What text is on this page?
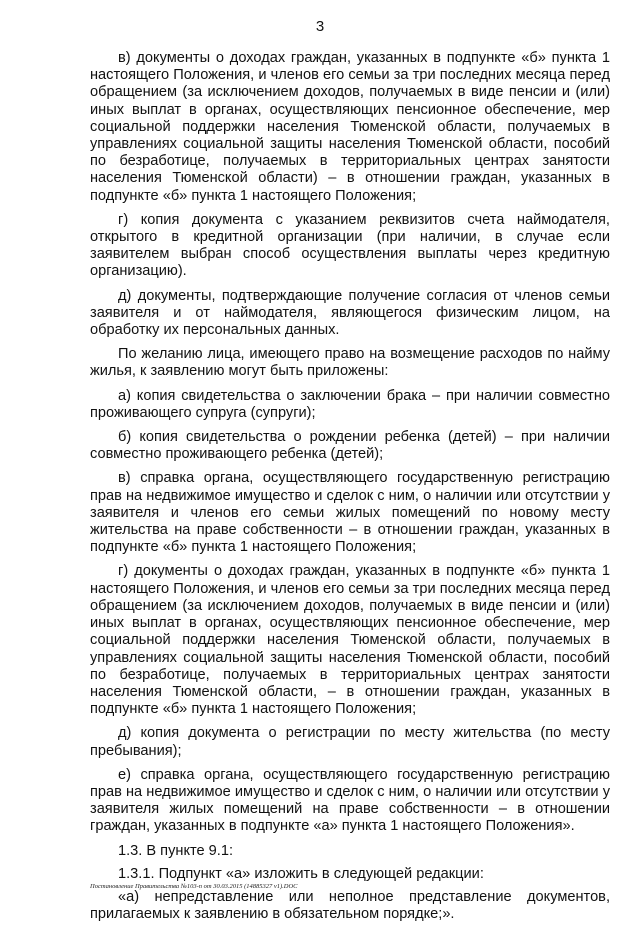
3

в) документы о доходах граждан, указанных в подпункте «б» пункта 1 настоящего Положения, и членов его семьи за три последних месяца перед обращением (за исключением доходов, получаемых в виде пенсии и (или) иных выплат в органах, осуществляющих пенсионное обеспечение, мер социальной поддержки населения Тюменской области, получаемых в управлениях социальной защиты населения Тюменской области, пособий по безработице, получаемых в территориальных центрах занятости населения Тюменской области) – в отношении граждан, указанных в подпункте «б» пункта 1 настоящего Положения;

г) копия документа с указанием реквизитов счета наймодателя, открытого в кредитной организации (при наличии, в случае если заявителем выбран способ осуществления выплаты через кредитную организацию).

д) документы, подтверждающие получение согласия от членов семьи заявителя и от наймодателя, являющегося физическим лицом, на обработку их персональных данных.

По желанию лица, имеющего право на возмещение расходов по найму жилья, к заявлению могут быть приложены:

а) копия свидетельства о заключении брака – при наличии совместно проживающего супруга (супруги);

б) копия свидетельства о рождении ребенка (детей) – при наличии совместно проживающего ребенка (детей);

в) справка органа, осуществляющего государственную регистрацию прав на недвижимое имущество и сделок с ним, о наличии или отсутствии у заявителя и членов его семьи жилых помещений по новому месту жительства на праве собственности – в отношении граждан, указанных в подпункте «б» пункта 1 настоящего Положения;

г) документы о доходах граждан, указанных в подпункте «б» пункта 1 настоящего Положения, и членов его семьи за три последних месяца перед обращением (за исключением доходов, получаемых в виде пенсии и (или) иных выплат в органах, осуществляющих пенсионное обеспечение, мер социальной поддержки населения Тюменской области, получаемых в управлениях социальной защиты населения Тюменской области, пособий по безработице, получаемых в территориальных центрах занятости населения Тюменской области, – в отношении граждан, указанных в подпункте «б» пункта 1 настоящего Положения;

д) копия документа о регистрации по месту жительства (по месту пребывания);

е) справка органа, осуществляющего государственную регистрацию прав на недвижимое имущество и сделок с ним, о наличии или отсутствии у заявителя жилых помещений на праве собственности – в отношении граждан, указанных в подпункте «а» пункта 1 настоящего Положения».

1.3. В пункте 9.1:

1.3.1. Подпункт «а» изложить в следующей редакции:

«а) непредставление или неполное представление документов, прилагаемых к заявлению в обязательном порядке;».

Постановление Правительства №103-п от 30.03.2015 (14885327 v1).DOC
